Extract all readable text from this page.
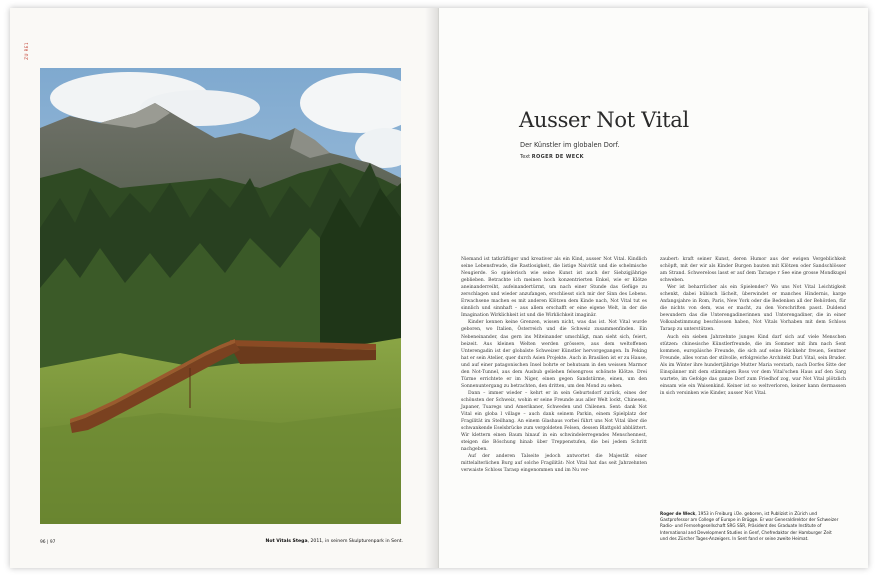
ZU RE1
96 | 97	Not Vitals Stega, 2011, in seinem Skulpturenpark in Sent.
Ausser Not Vital
Der Künstler im globalen Dorf.
Text ROGER DE WECK

Niemand ist tatkräftiger und kreativer als ein Kind, ausser Not Vital. Kindlich seine Lebensfreude, die Rastlosigkeit, die listige Naivität und die schelmische Neugierde. So spielerisch wie seine Kunst ist auch der Siebzigjährige geblieben. Betrachte ich meinen hoch konzentrierten Enkel, wie er Klötze aneinanderreiht, aufeinandertürmt, um nach einer Stunde das Gefüge zu zerschlagen und wieder anzufangen, erschliesst sich mir der Sinn des Lebens. Erwachsene machen es mit anderen Klötzen dem Kinde nach, Not Vital tut es sinnlich und sinnhaft – aus allem erschafft er eine eigene Welt, in der die Imagination Wirklichkeit ist und die Wirklichkeit imaginär.

Kinder kennen keine Grenzen, wissen nicht, was das ist. Not Vital wurde geboren, wo Italien, Österreich und die Schweiz zusammenfinden. Ein Nebeneinander, das gern ins Miteinander umschlägt, man sieht sich, feiert, beizeit. Aus kleinen Welten werden grössere, aus dem weltoffenen Unterengadin ist der globalste Schweizer Künstler hervorgegangen. In Peking hat er sein Atelier, quer durch Asien Projekte. Auch in Brasilien ist er zu Hause, und auf einer patagonischen Insel bohrte er behutsam in den weissen Marmor den Not-Tunnel, aus dem Ausbub geliehen felsengross schönste Klötze. Drei Türme errichtete er im Niger, einen gegen Sandstürme, einen, um den Sonnenuntergang zu betrachten, den dritten, um den Mond zu sehen.

Dann – immer wieder – kehrt er in sein Geburtsdorf zurück, eines der schönsten der Schweiz, wohin er seine Freunde aus aller Welt lockt, Chinesen, Japaner, Tuaregs und Amerikaner, Schweden und Chilenen. Sent: dank Not Vital ein globa l village – auch dank seinem Parkin, einem Spielplatz der Fragilität im Steilhang. An einem Glashaus vorbei führt uns Not Vital über die schwankende Eselsbrücke zum vergoldeten Felsen, dessen Blattgold abblättert. Wir klettern einen Baum hinauf in ein schwindelerregendes Menschennest, steigen die Böschung hinab über Treppenstufen, die bei jedem Schritt nachgeben.

Auf der anderen Talseite jedoch antwortet die Majestät einer mittelalterlichen Burg auf solche Fragilität: Not Vital hat das seit Jahrzehnten verwaiste Schloss Tarasp eingenommen und im Nu ver-

zaubert: kraft seiner Kunst, deren Humor aus der ewigen Vergeblichkeit schöpft, mit der wir als Kinder Burgen bauten mit Klötzen oder Sandschlösser am Strand. Schwereloss lasst er auf dem Taraspe r See eine grosse Mondkugel schweben.

Wer ist beharrlicher als ein Spielender? Wo uns Not Vital Leichtigkeit schenkt, dabei bübisch lächelt, überwindet er manches Hindernis, karge Anfangsjahre in Rom, Paris, New York oder die Bedenken all der Behörden, für die nichts von dem, was er macht, zu den Vorschriften passt. Duldend bewundern das die Unterengadinerinnen und Unterengadiner, die in einer Volksabstimmung beschlossen haben, Not Vitals Vorhaben mit dem Schloss Tarasp zu unterstützen.

Auch ein sieben Jahrzehnte junges Kind darf sich auf viele Menschen stützen: chinesische Künstlerfreunde, die im Sommer mit ihm nach Sent kommen, europäische Freunde, die sich auf seine Rückkehr freuen, Sentner Freunde, alles voran der stilvolle, erfolgreiche Architekt Duri Vital, sein Bruder. Als im Winter ihre hundertjährige Mutter Maria verstarb, nach Dorfes Sitte der Einspänner mit dem stämmigen Ross vor dem Vital'schen Haus auf den Sarg wartete, im Gefolge das ganze Dorf zum Friedhof zog, war Not Vital plötzlich einsam wie ein Waisenkind. Keiner ist so weltverloren, keiner kann dermassen in sich versinken wie Kinder, ausser Not Vital.

Roger de Weck, 1953 in Freiburg i.Üe. geboren, ist Publizist in Zürich und Gastprofessor am College of Europe in Brügge. Er war Generaldirektor der Schweizer Radio- und Fernsehgesellschaft SRG SSR, Präsident des Graduate Institute of International and Development Studies in Genf, Chefredaktor der Hamburger Zeit und des Zürcher Tages-Anzeigers. In Sent fand er seine zweite Heimat.
